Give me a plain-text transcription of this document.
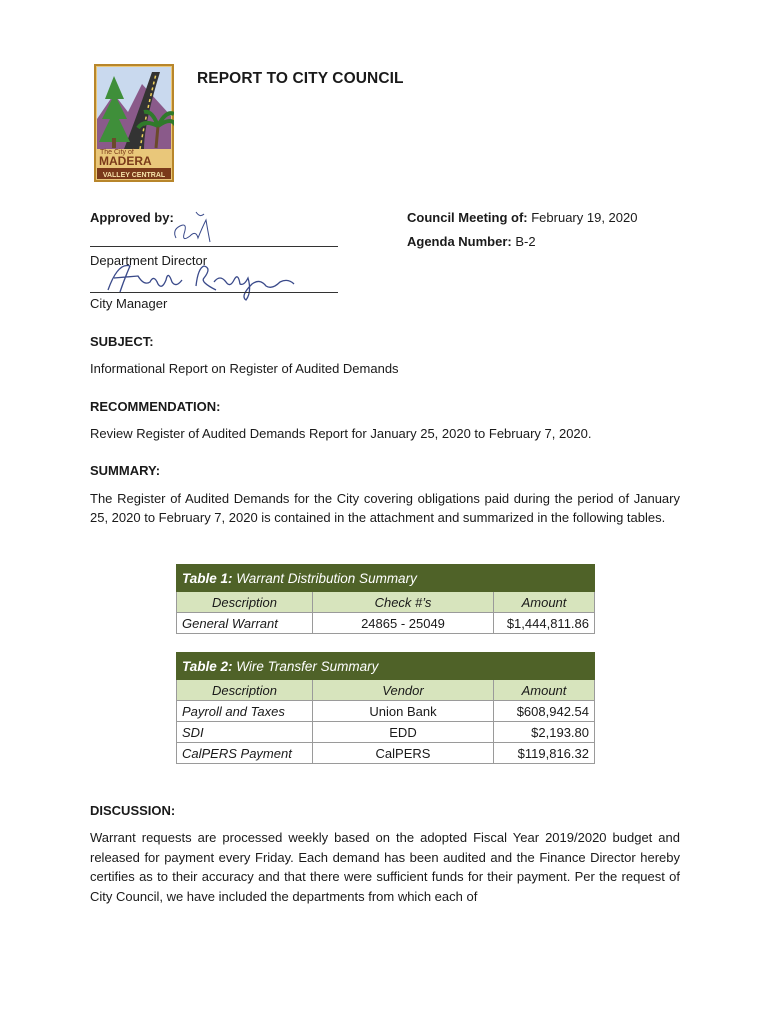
The City of
MADERA
VALLEY CENTRAL
REPORT TO CITY COUNCIL
Approved by:
Department Director
City Manager
Council Meeting of: February 19, 2020
Agenda Number: B-2
SUBJECT:
Informational Report on Register of Audited Demands
RECOMMENDATION:
Review Register of Audited Demands Report for January 25, 2020 to February 7, 2020.
SUMMARY:
The Register of Audited Demands for the City covering obligations paid during the period of January 25, 2020 to February 7, 2020 is contained in the attachment and summarized in the following tables.
Table 1: Warrant Distribution Summary		
Description	Check #’s	Amount
General Warrant	24865 - 25049	$1,444,811.86
Table 2: Wire Transfer Summary		
Description	Vendor	Amount
Payroll and Taxes	Union Bank	$608,942.54
SDI	EDD	$2,193.80
CalPERS Payment	CalPERS	$119,816.32
DISCUSSION:
Warrant requests are processed weekly based on the adopted Fiscal Year 2019/2020 budget and released for payment every Friday. Each demand has been audited and the Finance Director hereby certifies as to their accuracy and that there were sufficient funds for their payment. Per the request of City Council, we have included the departments from which each of
